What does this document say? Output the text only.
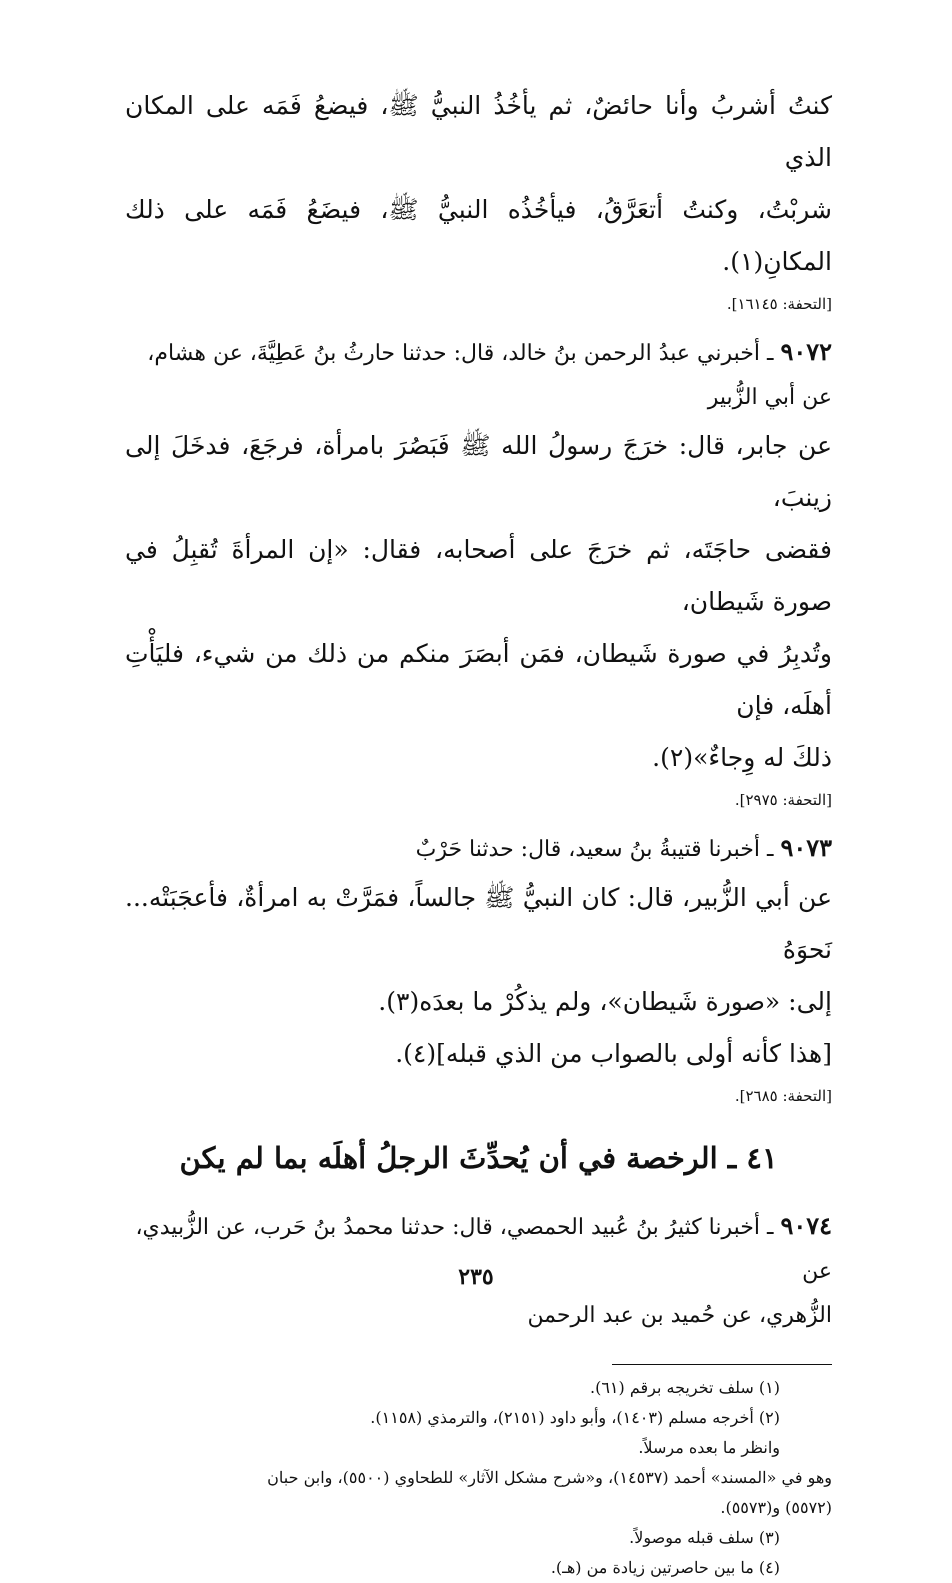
كنتُ أشربُ وأنا حائضٌ، ثم يأخُذُ النبيُّ ﷺ، فيضعُ فَمَه على المكان الذي

شربْتُ، وكنتُ أتعَرَّقُ، فيأخُذُه النبيُّ ﷺ، فيضَعُ فَمَه على ذلك المكانِ(١).

[التحفة: ١٦١٤٥].

٩٠٧٢ ـ أخبرني عبدُ الرحمن بنُ خالد، قال: حدثنا حارثُ بنُ عَطِيَّةَ، عن هشام،

عن أبي الزُّبير

عن جابر، قال: خرَجَ رسولُ الله ﷺ فَبَصُرَ بامرأة، فرجَعَ، فدخَلَ إلى زينبَ،

فقضى حاجَتَه، ثم خرَجَ على أصحابه، فقال: «إن المرأةَ تُقبِلُ في صورة شَيطان،

وتُدبِرُ في صورة شَيطان، فمَن أبصَرَ منكم من ذلك من شيء، فليَأْتِ أهلَه، فإن

ذلكَ له وِجاءٌ»(٢).

[التحفة: ٢٩٧٥].

٩٠٧٣ ـ أخبرنا قتيبةُ بنُ سعيد، قال: حدثنا حَرْبٌ

عن أبي الزُّبير، قال: كان النبيُّ ﷺ جالساً، فمَرَّتْ به امرأةٌ، فأعجَبَتْه... نَحوَهُ

إلى: «صورة شَيطان»، ولم يذكُرْ ما بعدَه(٣).

[هذا كأنه أولى بالصواب من الذي قبله](٤).

[التحفة: ٢٦٨٥].

٤١ ـ الرخصة في أن يُحدِّثَ الرجلُ أهلَه بما لم يكن

٩٠٧٤ ـ أخبرنا كثيرُ بنُ عُبيد الحمصي، قال: حدثنا محمدُ بنُ حَرب، عن الزُّبيدي، عن

الزُّهري، عن حُميد بن عبد الرحمن

(١) سلف تخريجه برقم (٦١).

(٢) أخرجه مسلم (١٤٠٣)، وأبو داود (٢١٥١)، والترمذي (١١٥٨).

وانظر ما بعده مرسلاً.

وهو في «المسند» أحمد (١٤٥٣٧)، و«شرح مشكل الآثار» للطحاوي (٥٥٠٠)، وابن حبان

(٥٥٧٢) و(٥٥٧٣).

(٣) سلف قبله موصولاً.

(٤) ما بين حاصرتين زيادة من (هـ).

٢٣٥
